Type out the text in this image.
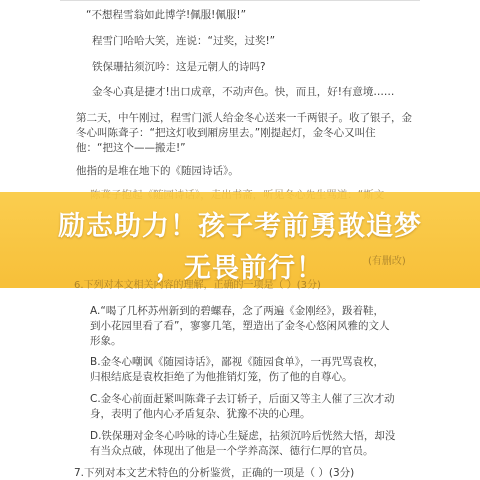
“不想程雪翁如此博学!佩服!佩服!”
程雪门哈哈大笑，连说：“过奖，过奖!”
铁保珊拈须沉吟：这是元朝人的诗吗?
金冬心真是捷才!出口成章，不动声色。快，而且，好!有意境……
第二天，中午刚过，程雪门派人给金冬心送来一千两银子。收了银子，金
冬心叫陈聋子：“把这灯收到厢房里去。”刚提起灯，金冬心又叫住
他：“把这个——搬走!”
他指的是堆在地下的《随园诗话》。
(有删改)
6.下列对本文相关内容的理解，正确的一项是（ ）(3分)
励志助力！孩子考前勇敢追梦
，无畏前行！
A.“喝了几杯苏州新到的碧螺春，念了两遍《金刚经》，趿着鞋，
到小花园里看了看”，寥寥几笔，塑造出了金冬心悠闲风雅的文人
形象。
B.金冬心嘲讽《随园诗话》，鄙视《随园食单》，一再咒骂袁枚，
归根结底是袁枚拒绝了为他推销灯笼，伤了他的自尊心。
C.金冬心前面赶紧叫陈聋子去订轿子，后面又等主人催了三次才动
身，表明了他内心矛盾复杂、犹豫不决的心理。
D.铁保珊对金冬心吟咏的诗心生疑虑，拈须沉吟后恍然大悟，却没
有当众点破，体现出了他是一个学养高深、德行仁厚的官员。
7.下列对本文艺术特色的分析鉴赏，正确的一项是（ ）(3分)
